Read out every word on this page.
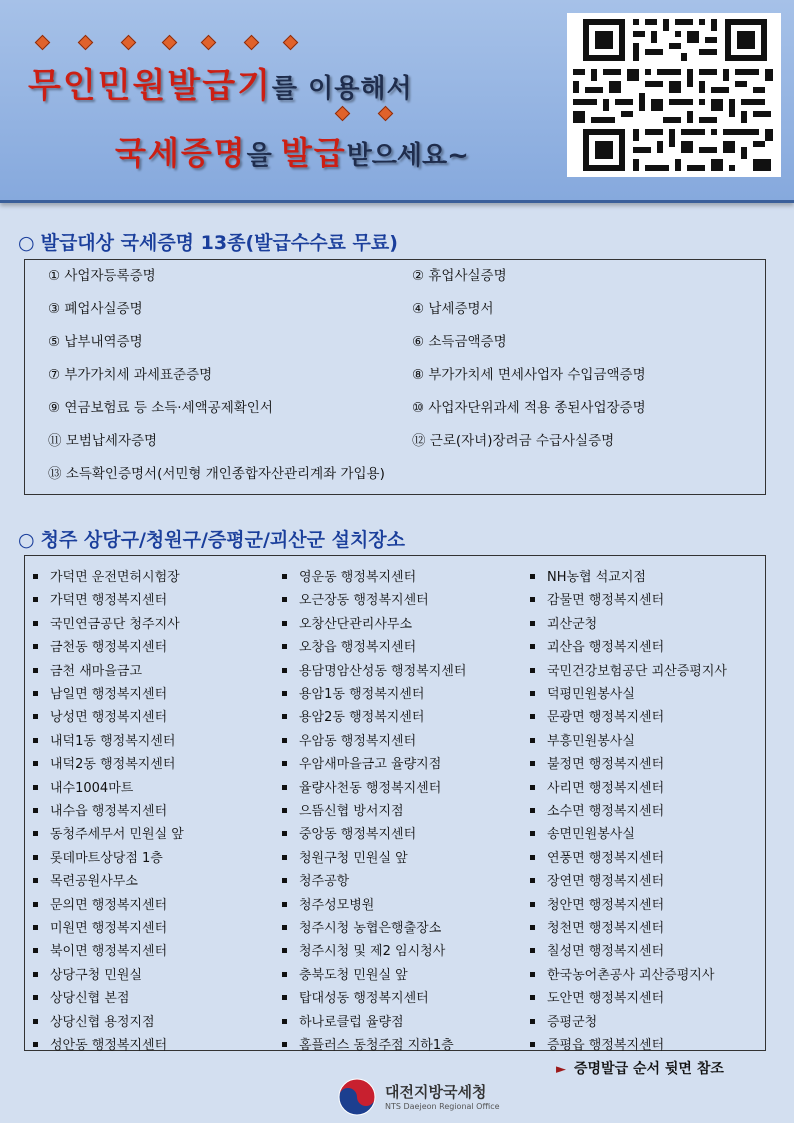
무인민원발급기를 이용해서
국세증명을 발급받으세요~
○ 발급대상 국세증명 13종(발급수수료 무료)
① 사업자등록증명	② 휴업사실증명
③ 폐업사실증명	④ 납세증명서
⑤ 납부내역증명	⑥ 소득금액증명
⑦ 부가가치세 과세표준증명	⑧ 부가가치세 면세사업자 수입금액증명
⑨ 연금보험료 등 소득·세액공제확인서	⑩ 사업자단위과세 적용 종된사업장증명
⑪ 모범납세자증명	⑫ 근로(자녀)장려금 수급사실증명
⑬ 소득확인증명서(서민형 개인종합자산관리계좌 가입용)
○ 청주 상당구/청원구/증평군/괴산군 설치장소
가덕면 운전면허시험장
가덕면 행정복지센터
국민연금공단 청주지사
금천동 행정복지센터
금천 새마을금고
남일면 행정복지센터
낭성면 행정복지센터
내덕1동 행정복지센터
내덕2동 행정복지센터
내수1004마트
내수읍 행정복지센터
동청주세무서 민원실 앞
롯데마트상당점 1층
목련공원사무소
문의면 행정복지센터
미원면 행정복지센터
북이면 행정복지센터
상당구청 민원실
상당신협 본점
상당신협 용정지점
성안동 행정복지센터
영운동 행정복지센터
오근장동 행정복지센터
오창산단관리사무소
오창읍 행정복지센터
용담명암산성동 행정복지센터
용암1동 행정복지센터
용암2동 행정복지센터
우암동 행정복지센터
우암새마을금고 율량지점
율량사천동 행정복지센터
으뜸신협 방서지점
중앙동 행정복지센터
청원구청 민원실 앞
청주공항
청주성모병원
청주시청 농협은행출장소
청주시청 및 제2 임시청사
충북도청 민원실 앞
탑대성동 행정복지센터
하나로클럽 율량점
홈플러스 동청주점 지하1층
NH농협 석교지점
감물면 행정복지센터
괴산군청
괴산읍 행정복지센터
국민건강보험공단 괴산증평지사
덕평민원봉사실
문광면 행정복지센터
부흥민원봉사실
불정면 행정복지센터
사리면 행정복지센터
소수면 행정복지센터
송면민원봉사실
연풍면 행정복지센터
장연면 행정복지센터
청안면 행정복지센터
청천면 행정복지센터
칠성면 행정복지센터
한국농어촌공사 괴산증평지사
도안면 행정복지센터
증평군청
증평읍 행정복지센터
► 증명발급 순서 뒷면 참조
대전지방국세청
NTS Daejeon Regional Office
